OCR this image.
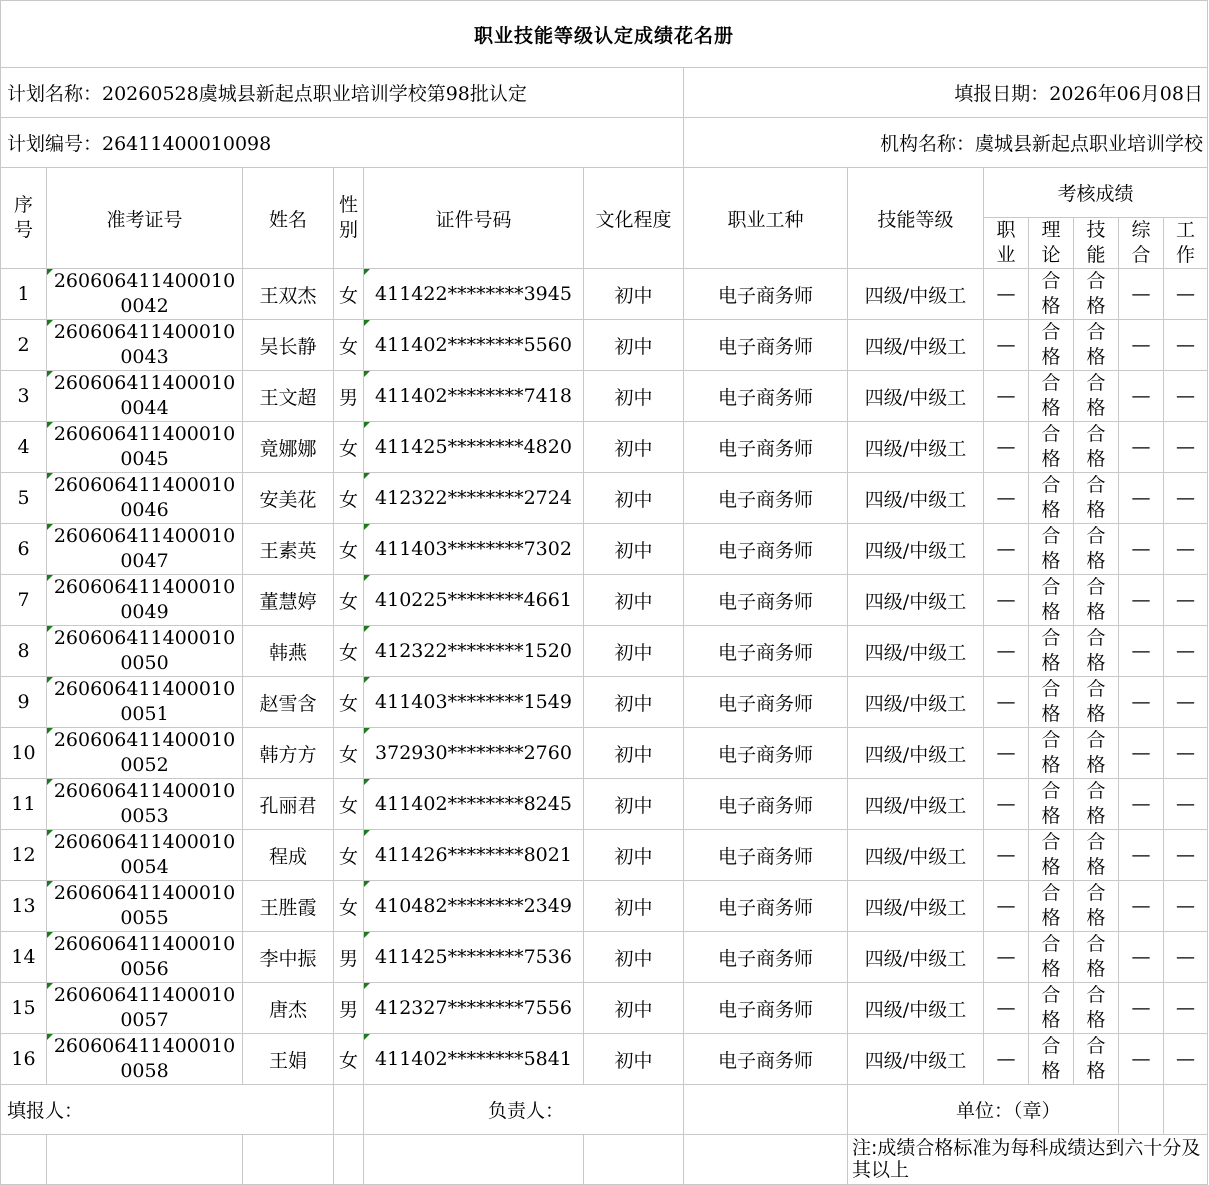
职业技能等级认定成绩花名册												
计划名称：20260528虞城县新起点职业培训学校第98批认定						填报日期：2026年06月08日						
计划编号：26411400010098						机构名称：虞城县新起点职业培训学校						
序号	准考证号	姓名	性别	证件号码	文化程度	职业工种	技能等级	考核成绩				
								职业	理论	技能	综合	工作
1	2606064114000100042	王双杰	女	411422********3945	初中	电子商务师	四级/中级工	—	合格	合格	—	—
2	2606064114000100043	吴长静	女	411402********5560	初中	电子商务师	四级/中级工	—	合格	合格	—	—
3	2606064114000100044	王文超	男	411402********7418	初中	电子商务师	四级/中级工	—	合格	合格	—	—
4	2606064114000100045	竟娜娜	女	411425********4820	初中	电子商务师	四级/中级工	—	合格	合格	—	—
5	2606064114000100046	安美花	女	412322********2724	初中	电子商务师	四级/中级工	—	合格	合格	—	—
6	2606064114000100047	王素英	女	411403********7302	初中	电子商务师	四级/中级工	—	合格	合格	—	—
7	2606064114000100049	董慧婷	女	410225********4661	初中	电子商务师	四级/中级工	—	合格	合格	—	—
8	2606064114000100050	韩燕	女	412322********1520	初中	电子商务师	四级/中级工	—	合格	合格	—	—
9	2606064114000100051	赵雪含	女	411403********1549	初中	电子商务师	四级/中级工	—	合格	合格	—	—
10	2606064114000100052	韩方方	女	372930********2760	初中	电子商务师	四级/中级工	—	合格	合格	—	—
11	2606064114000100053	孔丽君	女	411402********8245	初中	电子商务师	四级/中级工	—	合格	合格	—	—
12	2606064114000100054	程成	女	411426********8021	初中	电子商务师	四级/中级工	—	合格	合格	—	—
13	2606064114000100055	王胜霞	女	410482********2349	初中	电子商务师	四级/中级工	—	合格	合格	—	—
14	2606064114000100056	李中振	男	411425********7536	初中	电子商务师	四级/中级工	—	合格	合格	—	—
15	2606064114000100057	唐杰	男	412327********7556	初中	电子商务师	四级/中级工	—	合格	合格	—	—
16	2606064114000100058	王娟	女	411402********5841	初中	电子商务师	四级/中级工	—	合格	合格	—	—
填报人：				负责人：			单位：（章）					
							注:成绩合格标准为每科成绩达到六十分及其以上					
